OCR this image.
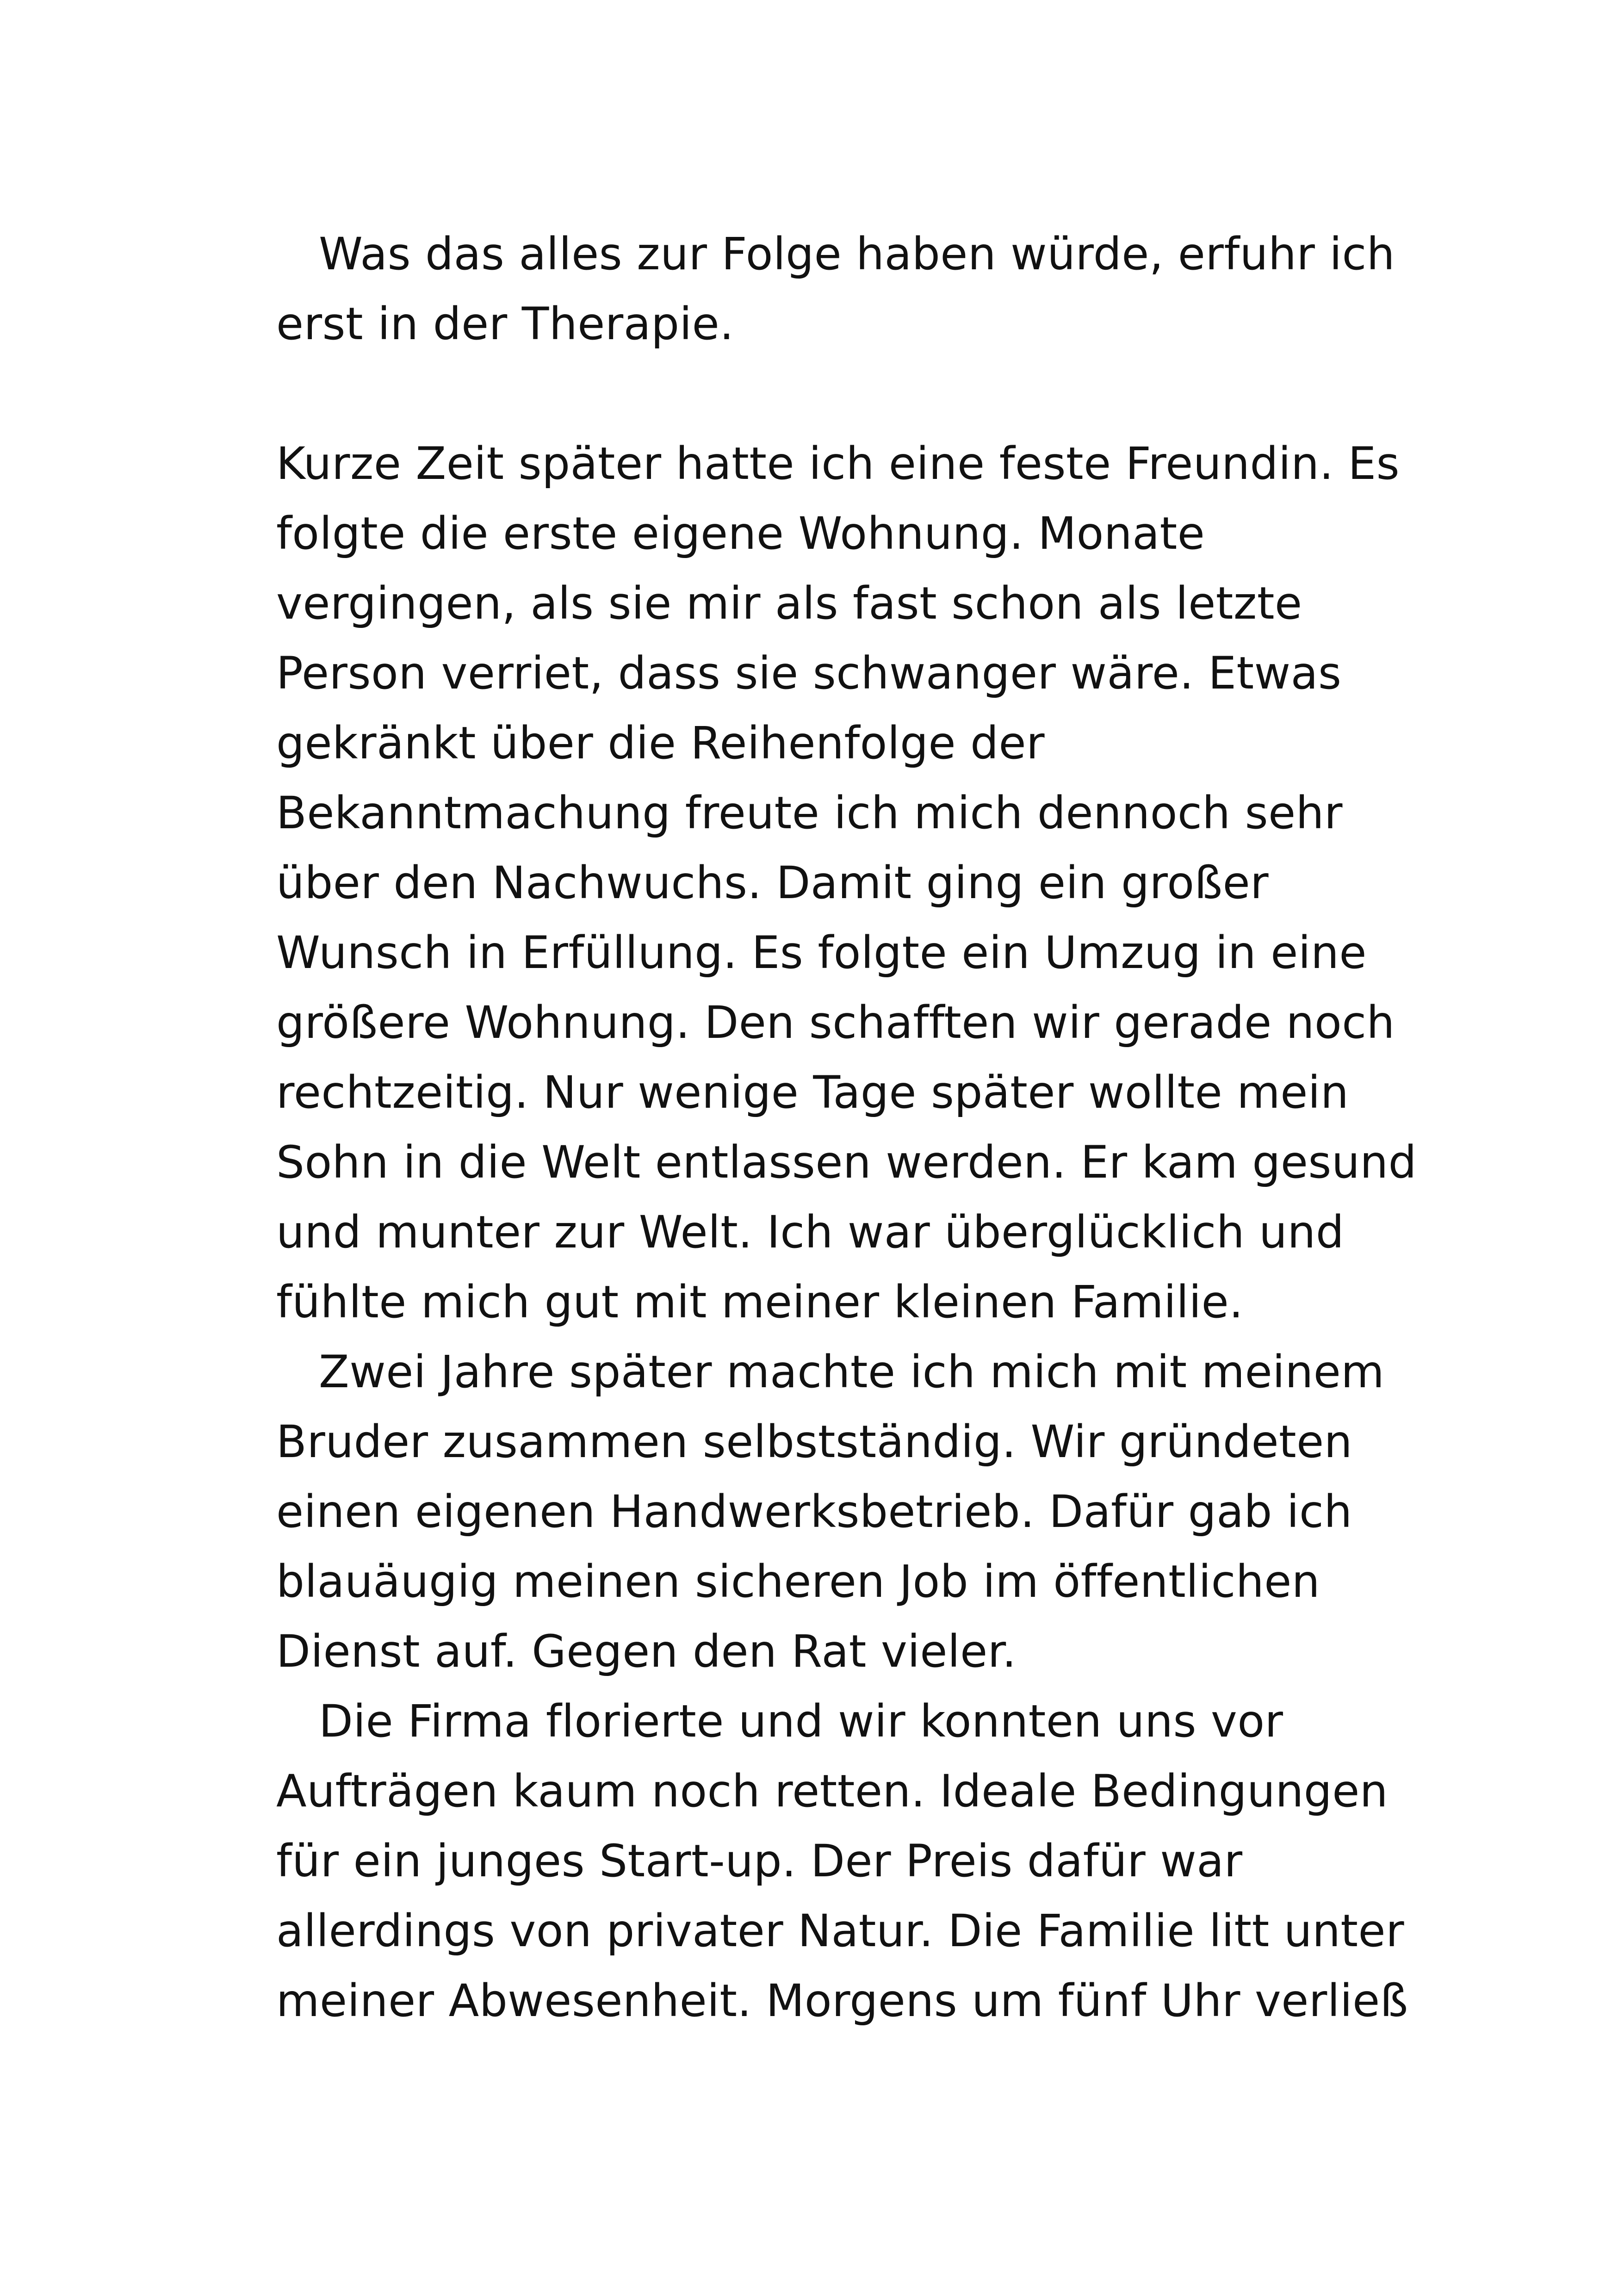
Was das alles zur Folge haben würde, erfuhr ich
erst in der Therapie.
Kurze Zeit später hatte ich eine feste Freundin. Es
folgte die erste eigene Wohnung. Monate
vergingen, als sie mir als fast schon als letzte
Person verriet, dass sie schwanger wäre. Etwas
gekränkt über die Reihenfolge der
Bekanntmachung freute ich mich dennoch sehr
über den Nachwuchs. Damit ging ein großer
Wunsch in Erfüllung. Es folgte ein Umzug in eine
größere Wohnung. Den schafften wir gerade noch
rechtzeitig. Nur wenige Tage später wollte mein
Sohn in die Welt entlassen werden. Er kam gesund
und munter zur Welt. Ich war überglücklich und
fühlte mich gut mit meiner kleinen Familie.
Zwei Jahre später machte ich mich mit meinem
Bruder zusammen selbstständig. Wir gründeten
einen eigenen Handwerksbetrieb. Dafür gab ich
blauäugig meinen sicheren Job im öffentlichen
Dienst auf. Gegen den Rat vieler.
Die Firma florierte und wir konnten uns vor
Aufträgen kaum noch retten. Ideale Bedingungen
für ein junges Start-up. Der Preis dafür war
allerdings von privater Natur. Die Familie litt unter
meiner Abwesenheit. Morgens um fünf Uhr verließ
